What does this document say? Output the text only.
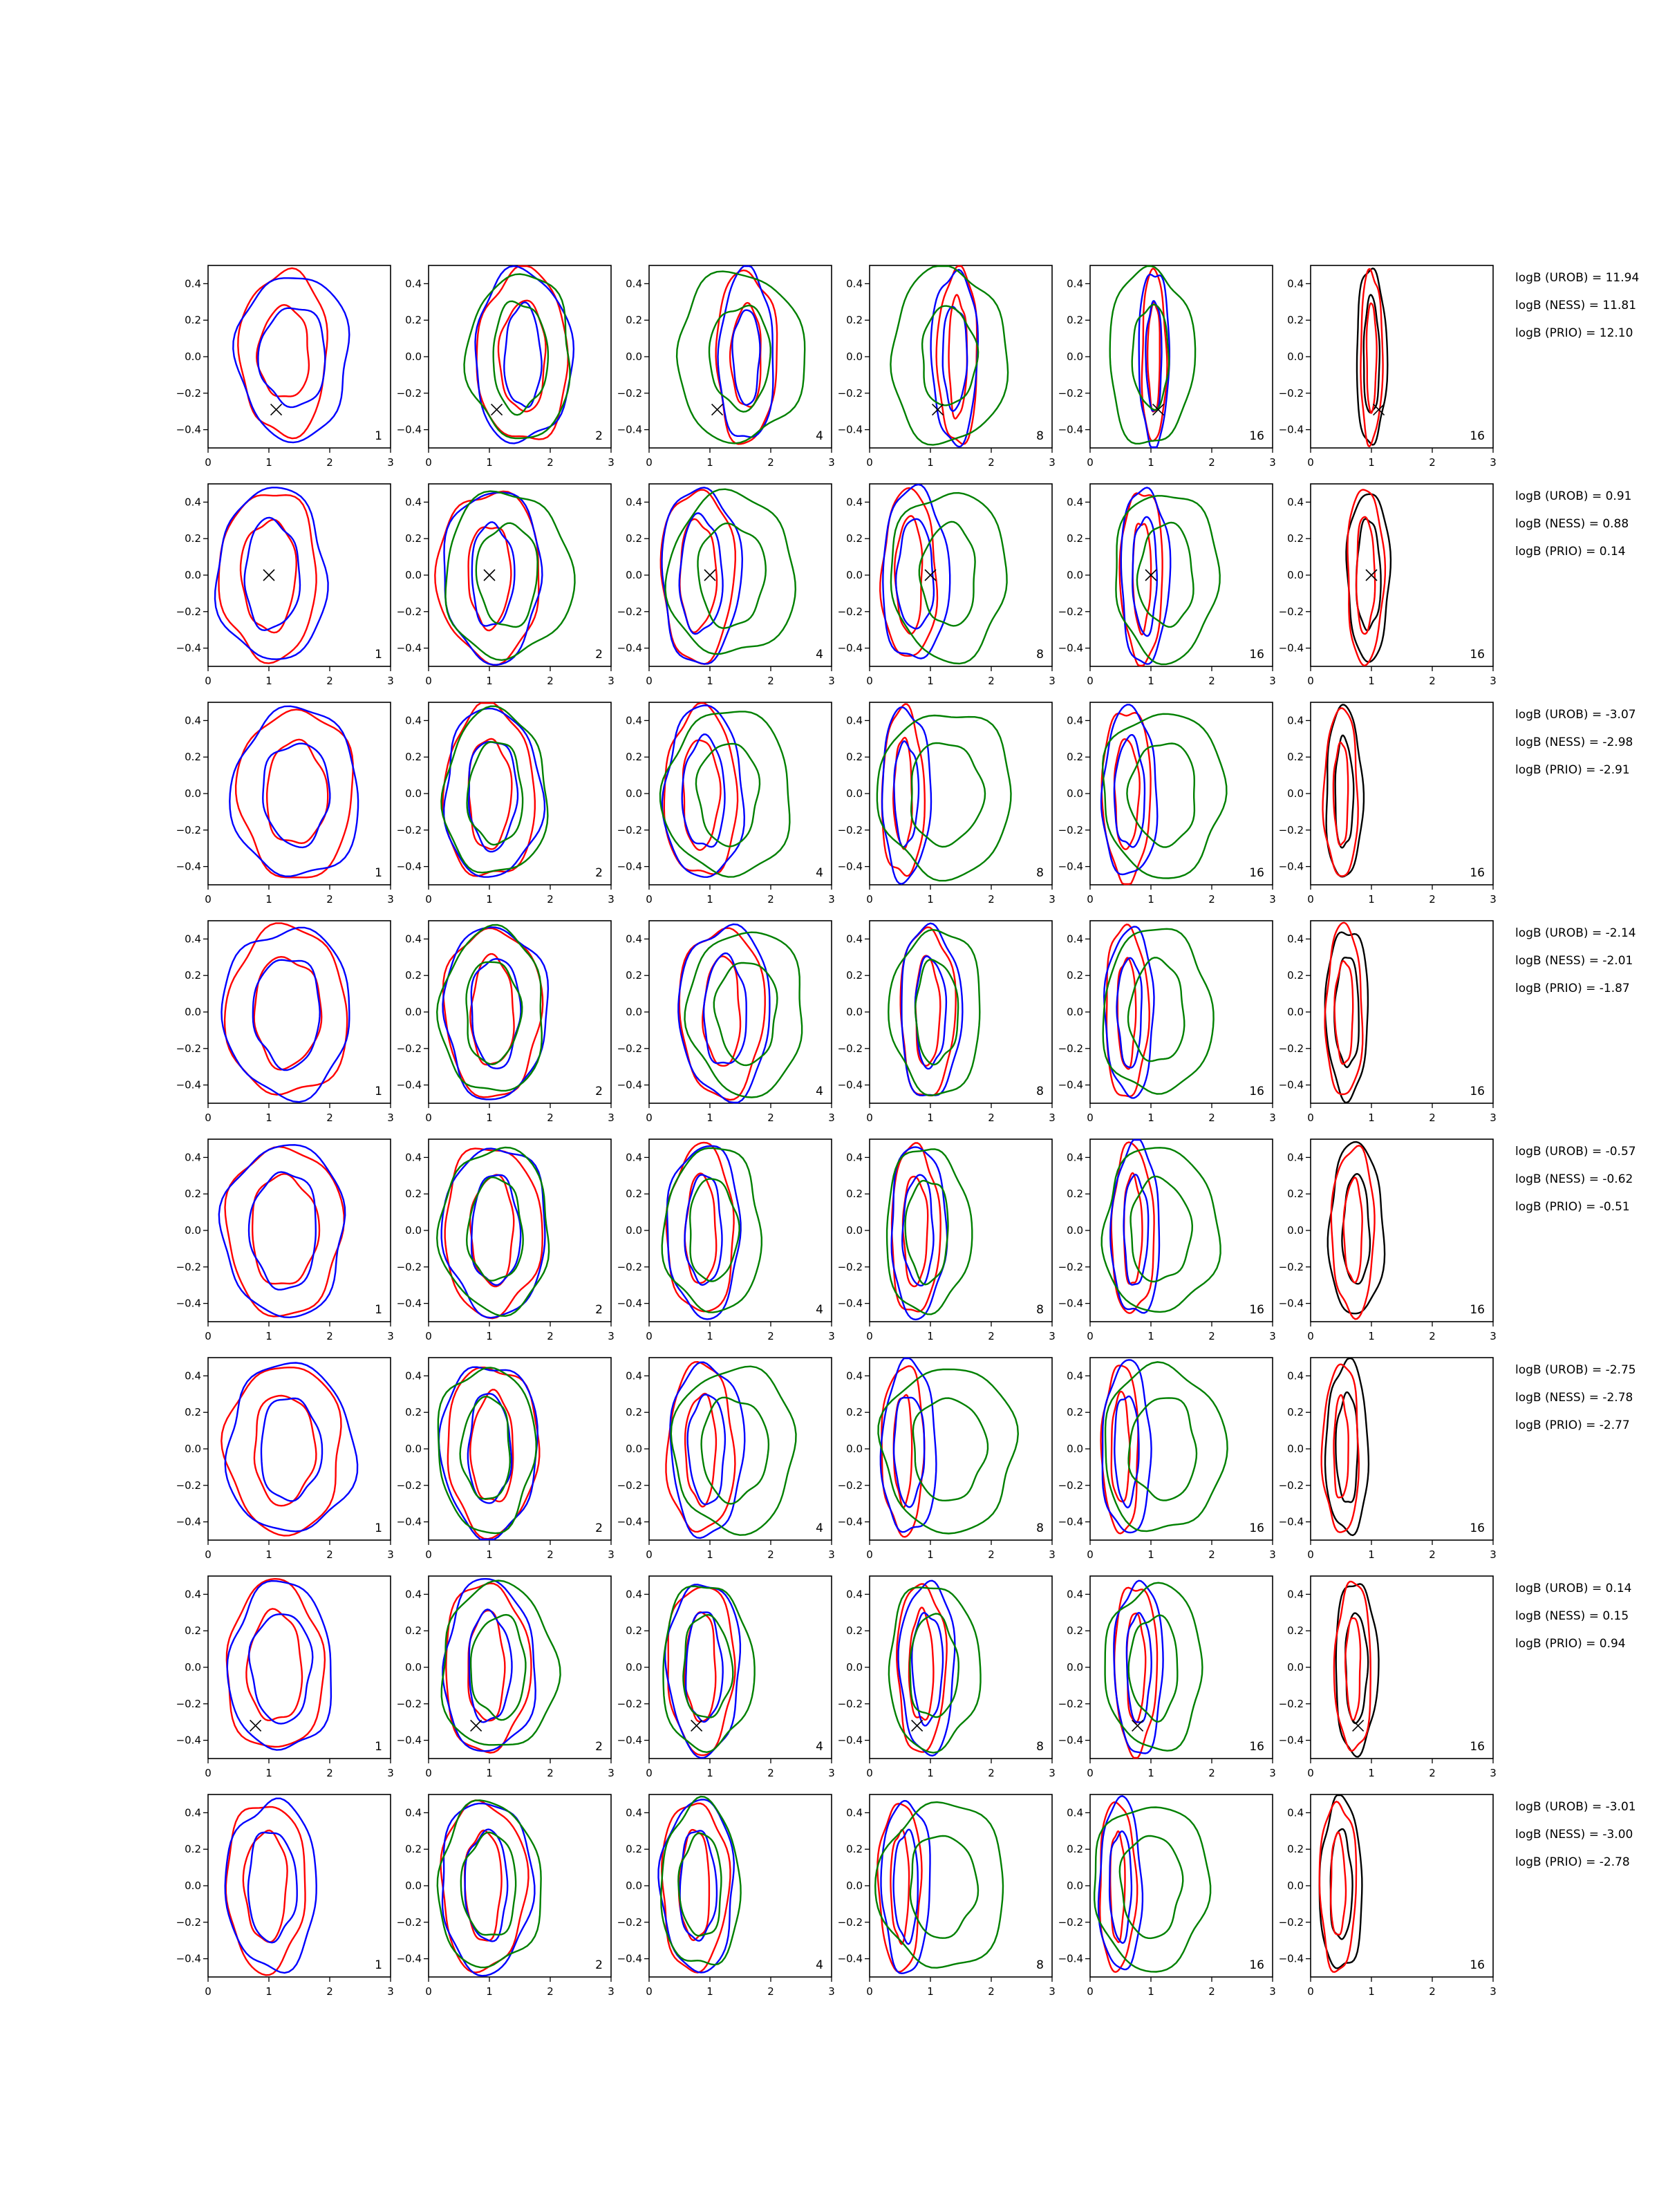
0	1	2	3
−0.4
−0.2
0.0
0.2
0.4
1
0	1	2	3
−0.4
−0.2
0.0
0.2
0.4
2
0	1	2	3
−0.4
−0.2
0.0
0.2
0.4
4
0	1	2	3
−0.4
−0.2
0.0
0.2
0.4
8
0	1	2	3
−0.4
−0.2
0.0
0.2
0.4
16
0	1	2	3
−0.4
−0.2
0.0
0.2
0.4
16
0	1	2	3
−0.4
−0.2
0.0
0.2
0.4
1
0	1	2	3
−0.4
−0.2
0.0
0.2
0.4
2
0	1	2	3
−0.4
−0.2
0.0
0.2
0.4
4
0	1	2	3
−0.4
−0.2
0.0
0.2
0.4
8
0	1	2	3
−0.4
−0.2
0.0
0.2
0.4
16
0	1	2	3
−0.4
−0.2
0.0
0.2
0.4
16
0	1	2	3
−0.4
−0.2
0.0
0.2
0.4
1
0	1	2	3
−0.4
−0.2
0.0
0.2
0.4
2
0	1	2	3
−0.4
−0.2
0.0
0.2
0.4
4
0	1	2	3
−0.4
−0.2
0.0
0.2
0.4
8
0	1	2	3
−0.4
−0.2
0.0
0.2
0.4
16
0	1	2	3
−0.4
−0.2
0.0
0.2
0.4
16
0	1	2	3
−0.4
−0.2
0.0
0.2
0.4
1
0	1	2	3
−0.4
−0.2
0.0
0.2
0.4
2
0	1	2	3
−0.4
−0.2
0.0
0.2
0.4
4
0	1	2	3
−0.4
−0.2
0.0
0.2
0.4
8
0	1	2	3
−0.4
−0.2
0.0
0.2
0.4
16
0	1	2	3
−0.4
−0.2
0.0
0.2
0.4
16
0	1	2	3
−0.4
−0.2
0.0
0.2
0.4
1
0	1	2	3
−0.4
−0.2
0.0
0.2
0.4
2
0	1	2	3
−0.4
−0.2
0.0
0.2
0.4
4
0	1	2	3
−0.4
−0.2
0.0
0.2
0.4
8
0	1	2	3
−0.4
−0.2
0.0
0.2
0.4
16
0	1	2	3
−0.4
−0.2
0.0
0.2
0.4
16
0	1	2	3
−0.4
−0.2
0.0
0.2
0.4
1
0	1	2	3
−0.4
−0.2
0.0
0.2
0.4
2
0	1	2	3
−0.4
−0.2
0.0
0.2
0.4
4
0	1	2	3
−0.4
−0.2
0.0
0.2
0.4
8
0	1	2	3
−0.4
−0.2
0.0
0.2
0.4
16
0	1	2	3
−0.4
−0.2
0.0
0.2
0.4
16
0	1	2	3
−0.4
−0.2
0.0
0.2
0.4
1
0	1	2	3
−0.4
−0.2
0.0
0.2
0.4
2
0	1	2	3
−0.4
−0.2
0.0
0.2
0.4
4
0	1	2	3
−0.4
−0.2
0.0
0.2
0.4
8
0	1	2	3
−0.4
−0.2
0.0
0.2
0.4
16
0	1	2	3
−0.4
−0.2
0.0
0.2
0.4
16
0	1	2	3
−0.4
−0.2
0.0
0.2
0.4
1
0	1	2	3
−0.4
−0.2
0.0
0.2
0.4
2
0	1	2	3
−0.4
−0.2
0.0
0.2
0.4
4
0	1	2	3
−0.4
−0.2
0.0
0.2
0.4
8
0	1	2	3
−0.4
−0.2
0.0
0.2
0.4
16
0	1	2	3
−0.4
−0.2
0.0
0.2
0.4
16
logB (UROB) = 11.94
logB (NESS) = 11.81
logB (PRIO) = 12.10
logB (UROB) = 0.91
logB (NESS) = 0.88
logB (PRIO) = 0.14
logB (UROB) = -3.07
logB (NESS) = -2.98
logB (PRIO) = -2.91
logB (UROB) = -2.14
logB (NESS) = -2.01
logB (PRIO) = -1.87
logB (UROB) = -0.57
logB (NESS) = -0.62
logB (PRIO) = -0.51
logB (UROB) = -2.75
logB (NESS) = -2.78
logB (PRIO) = -2.77
logB (UROB) = 0.14
logB (NESS) = 0.15
logB (PRIO) = 0.94
logB (UROB) = -3.01
logB (NESS) = -3.00
logB (PRIO) = -2.78
